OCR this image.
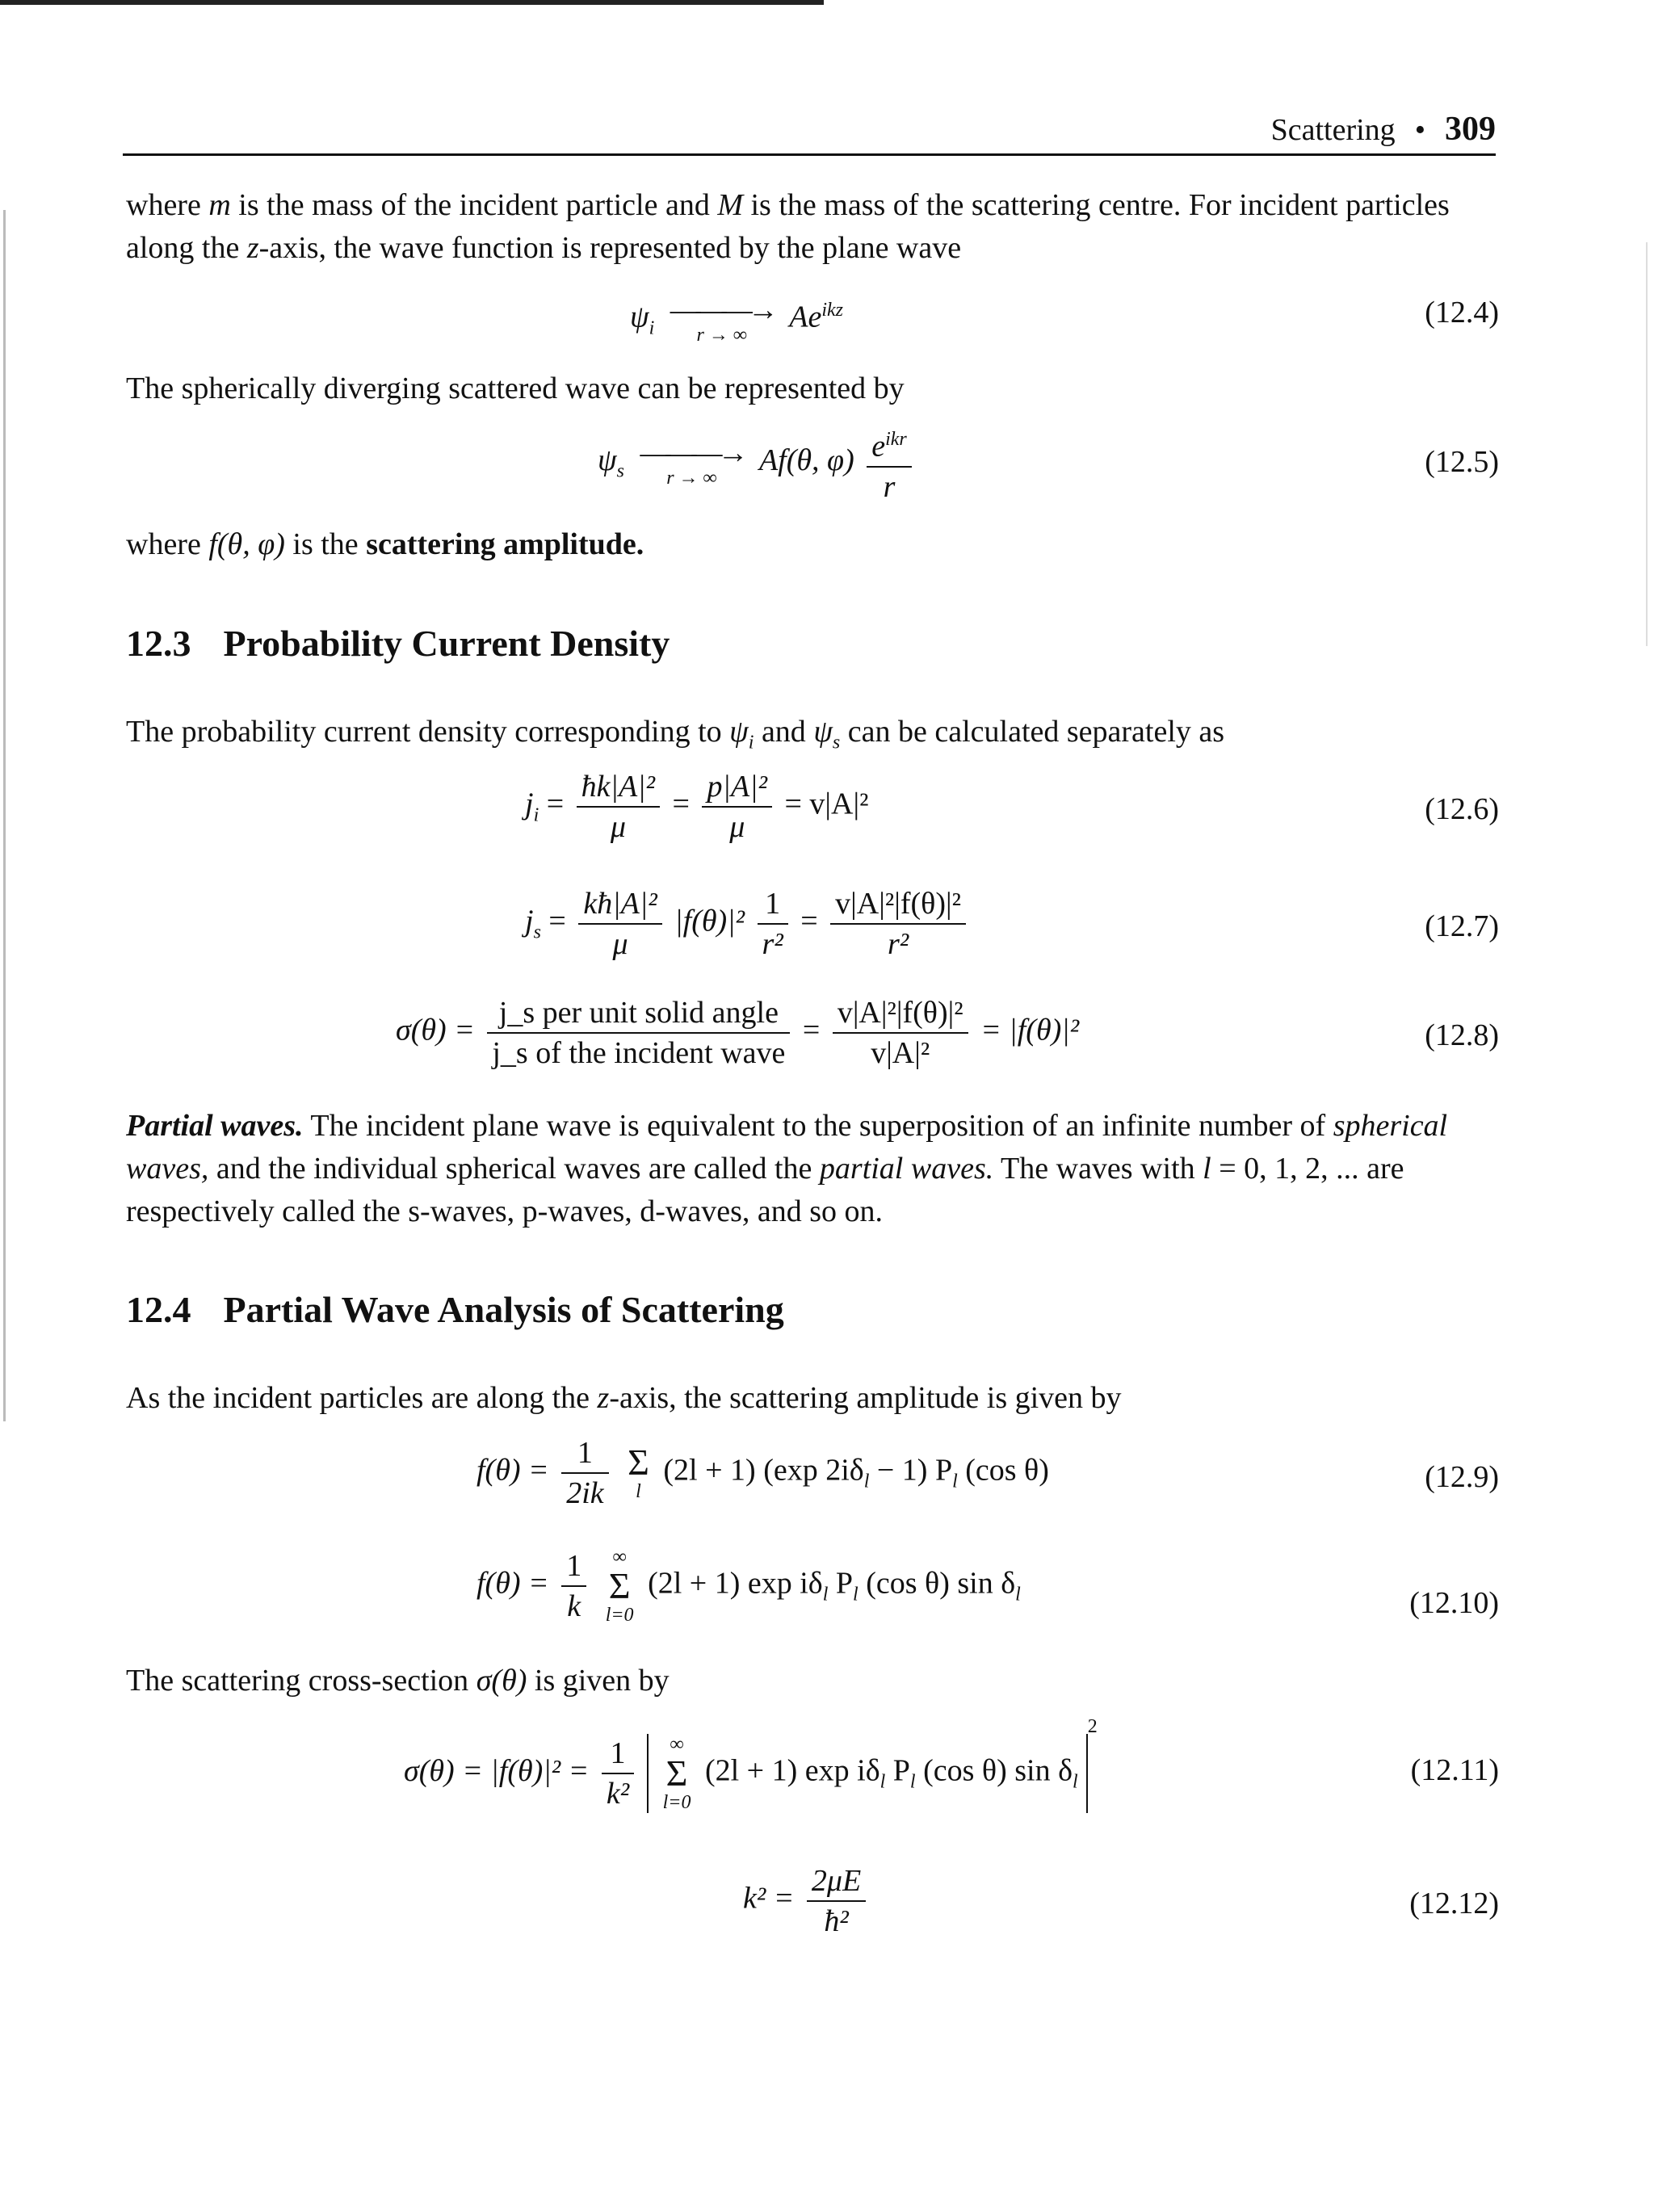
Scattering • 309

where m is the mass of the incident particle and M is the mass of the scattering centre. For incident particles along the z-axis, the wave function is represented by the plane wave

$\psi_i$
———→
r → ∞
$Ae^{ikz}$	(12.4)

The spherically diverging scattered wave can be represented by

$\psi_s$
———→
r → ∞
Af(θ, $\varphi) \frac{e^{ikr}}{r}$	(12.5)

where f(θ, φ) is the scattering amplitude.

12.3 Probability Current Density

The probability current density corresponding to $\psi_i$ and $\psi_s$ can be calculated separately as

$j_i = \frac{\text{ħk|A|²}}{\mu} = \frac{\text{p|A|²}}{\mu} = v|A|^2$	(12.6)
$j_s = \frac{\text{kħ|A|²}}{\mu} |f(\theta)|^2 \frac{1}{\text{r²}} = \frac{\text{v|A|²|f(θ)|²}}{\text{r²}}$	(12.7)
$\sigma(\theta) = \frac{\text{j\_s per unit solid angle}}{\text{j\_s of the incident wave}} = \frac{\text{v|A|²|f(θ)|²}}{\text{v|A|²}} = |f(\theta)|^2$	(12.8)

Partial waves. The incident plane wave is equivalent to the superposition of an infinite number of spherical waves, and the individual spherical waves are called the partial waves. The waves with l = 0, 1, 2, ... are respectively called the s-waves, p-waves, d-waves, and so on.

12.4 Partial Wave Analysis of Scattering

As the incident particles are along the z-axis, the scattering amplitude is given by

$f(\theta) = \frac{1}{2ik}$
Σ
l
(2l + 1) (exp $2i\delta_l - 1$) $P_l$ (cos θ)	(12.9)
$f(\theta) = \frac{1}{k}$
	∞
Σ
l=0
(2l + 1) $\exp i\delta_l$ $P_l$ (cos θ) $\sin \delta_l$	(12.10)

The scattering cross-section σ(θ) is given by

$\sigma(\theta) = |f(\theta)|^2 = \frac{1}{\text{k²}}$
	∞
Σ
l=0
(2l + 1) $\exp i\delta_l$ $P_l$ (cos θ) $\sin \delta_l^2$
(12.11)
$k^2 = \frac{2\mu E}{\text{ħ²}}$	(12.12)
